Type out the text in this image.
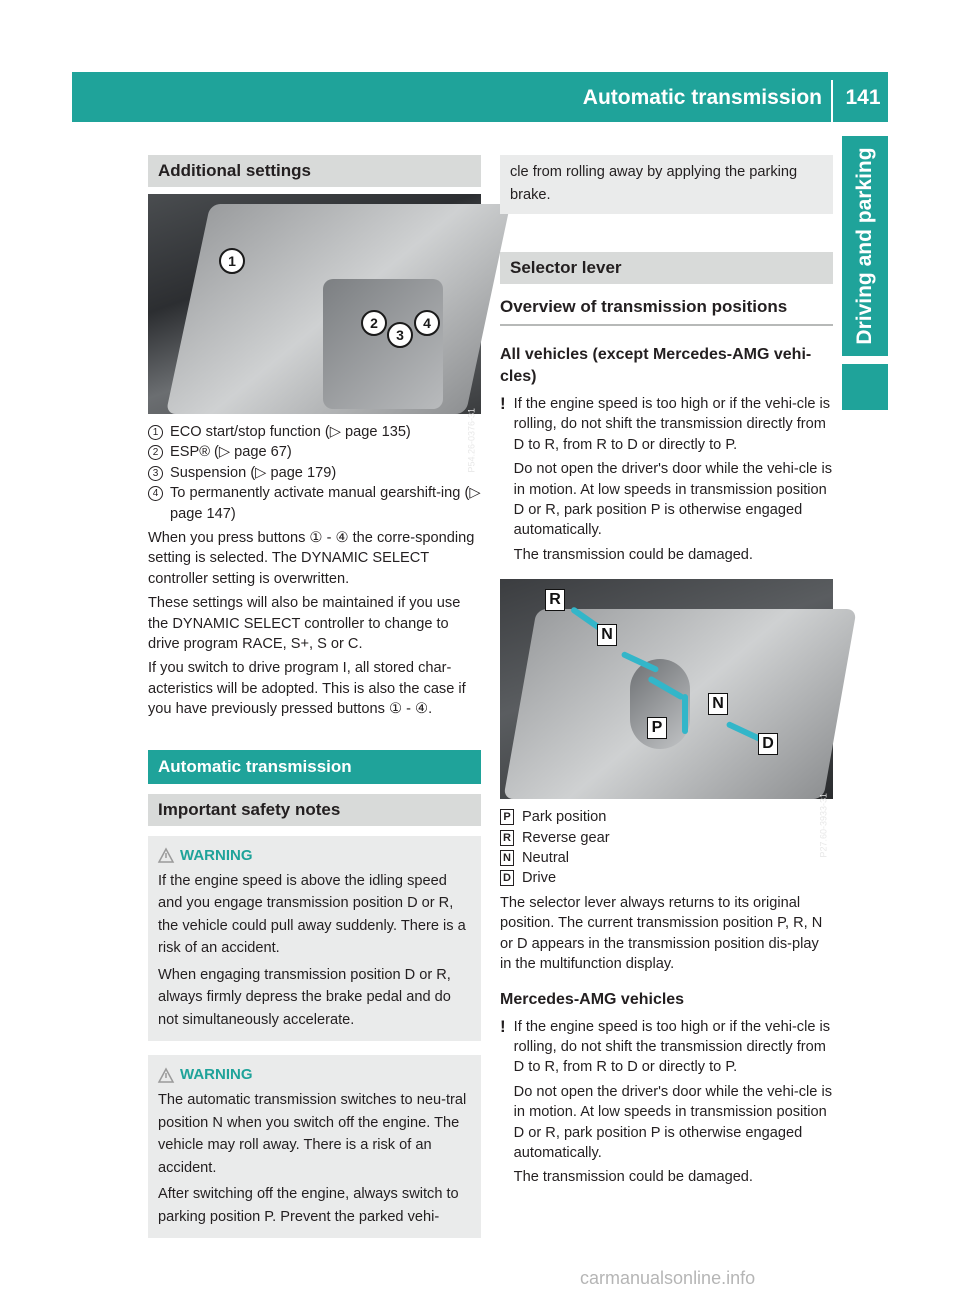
Automatic transmission	141
Driving and parking
Additional settings
1
2
3
4
P54.26-0376-31
1 ECO start/stop function (▷ page 135)
2 ESP® (▷ page 67)
3 Suspension (▷ page 179)
4 To permanently activate manual gearshift-ing (▷ page 147)

When you press buttons ① - ④ the corre-sponding setting is selected. The DYNAMIC SELECT controller setting is overwritten.

These settings will also be maintained if you use the DYNAMIC SELECT controller to change to drive program RACE, S+, S or C.

If you switch to drive program I, all stored char-acteristics will be adopted. This is also the case if you have previously pressed buttons ① - ④.

Automatic transmission
Important safety notes
WARNING

If the engine speed is above the idling speed and you engage transmission position D or R, the vehicle could pull away suddenly. There is a risk of an accident.

When engaging transmission position D or R, always firmly depress the brake pedal and do not simultaneously accelerate.

WARNING

The automatic transmission switches to neu-tral position N when you switch off the engine. The vehicle may roll away. There is a risk of an accident.

After switching off the engine, always switch to parking position P. Prevent the parked vehi-

cle from rolling away by applying the parking brake.

Selector lever
Overview of transmission positions
All vehicles (except Mercedes-AMG vehi-cles)
! If the engine speed is too high or if the vehi-cle is rolling, do not shift the transmission directly from D to R, from R to D or directly to P.

Do not open the driver's door while the vehi-cle is in motion. At low speeds in transmission position D or R, park position P is otherwise engaged automatically.

The transmission could be damaged.

R
N
N
P
D
P27.60-3933-31
P Park position
R Reverse gear
N Neutral
D Drive

The selector lever always returns to its original position. The current transmission position P, R, N or D appears in the transmission position dis-play in the multifunction display.

Mercedes-AMG vehicles
! If the engine speed is too high or if the vehi-cle is rolling, do not shift the transmission directly from D to R, from R to D or directly to P.

Do not open the driver's door while the vehi-cle is in motion. At low speeds in transmission position D or R, park position P is otherwise engaged automatically.

The transmission could be damaged.

carmanualsonline.info
